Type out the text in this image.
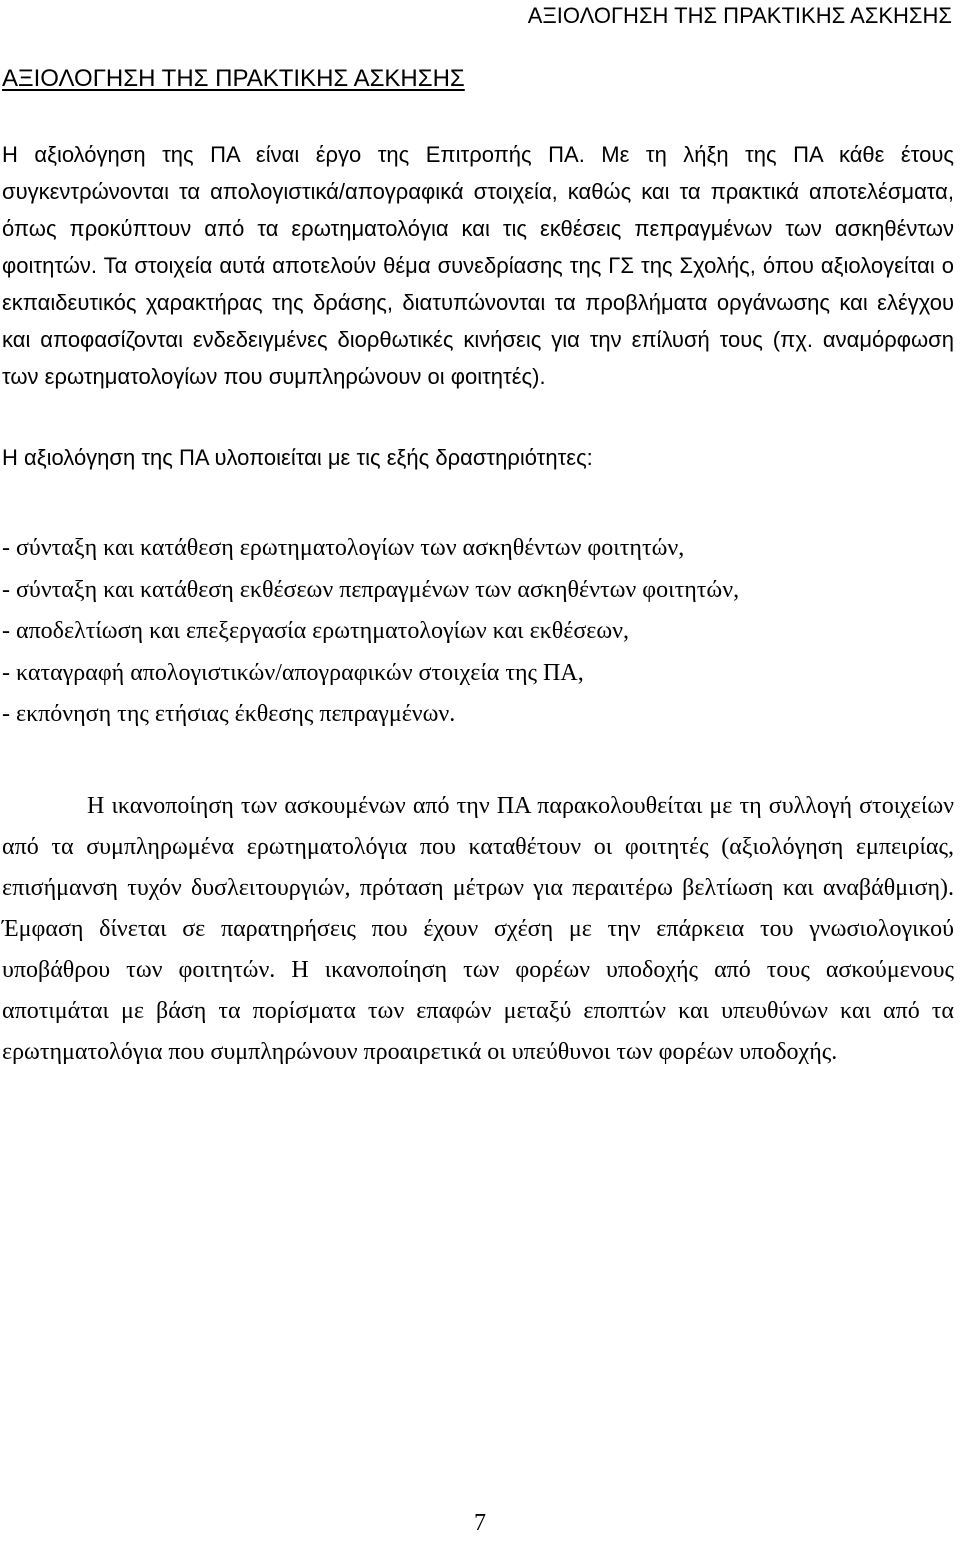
ΑΞΙΟΛΟΓΗΣΗ ΤΗΣ ΠΡΑΚΤΙΚΗΣ ΑΣΚΗΣΗΣ
ΑΞΙΟΛΟΓΗΣΗ ΤΗΣ ΠΡΑΚΤΙΚΗΣ ΑΣΚΗΣΗΣ

Η αξιολόγηση της ΠΑ είναι έργο της Επιτροπής ΠΑ. Με τη λήξη της ΠΑ κάθε έτους συγκεντρώνονται τα απολογιστικά/απογραφικά στοιχεία, καθώς και τα πρακτικά αποτελέσματα, όπως προκύπτουν από τα ερωτηματολόγια και τις εκθέσεις πεπραγμένων των ασκηθέντων φοιτητών. Τα στοιχεία αυτά αποτελούν θέμα συνεδρίασης της ΓΣ της Σχολής, όπου αξιολογείται ο εκπαιδευτικός χαρακτήρας της δράσης, διατυπώνονται τα προβλήματα οργάνωσης και ελέγχου και αποφασίζονται ενδεδειγμένες διορθωτικές κινήσεις για την επίλυσή τους (πχ. αναμόρφωση των ερωτηματολογίων που συμπληρώνουν οι φοιτητές).

Η αξιολόγηση της ΠΑ υλοποιείται με τις εξής δραστηριότητες:

- σύνταξη και κατάθεση ερωτηματολογίων των ασκηθέντων φοιτητών,
- σύνταξη και κατάθεση εκθέσεων πεπραγμένων των ασκηθέντων φοιτητών,
- αποδελτίωση και επεξεργασία ερωτηματολογίων και εκθέσεων,
- καταγραφή απολογιστικών/απογραφικών στοιχεία της ΠΑ,
- εκπόνηση της ετήσιας έκθεσης πεπραγμένων.

Η ικανοποίηση των ασκουμένων από την ΠΑ παρακολουθείται με τη συλλογή στοιχείων από τα συμπληρωμένα ερωτηματολόγια που καταθέτουν οι φοιτητές (αξιολόγηση εμπειρίας, επισήμανση τυχόν δυσλειτουργιών, πρόταση μέτρων για περαιτέρω βελτίωση και αναβάθμιση). Έμφαση δίνεται σε παρατηρήσεις που έχουν σχέση με την επάρκεια του γνωσιολογικού υποβάθρου των φοιτητών. Η ικανοποίηση των φορέων υποδοχής από τους ασκούμενους αποτιμάται με βάση τα πορίσματα των επαφών μεταξύ εποπτών και υπευθύνων και από τα ερωτηματολόγια που συμπληρώνουν προαιρετικά οι υπεύθυνοι των φορέων υποδοχής.

7
